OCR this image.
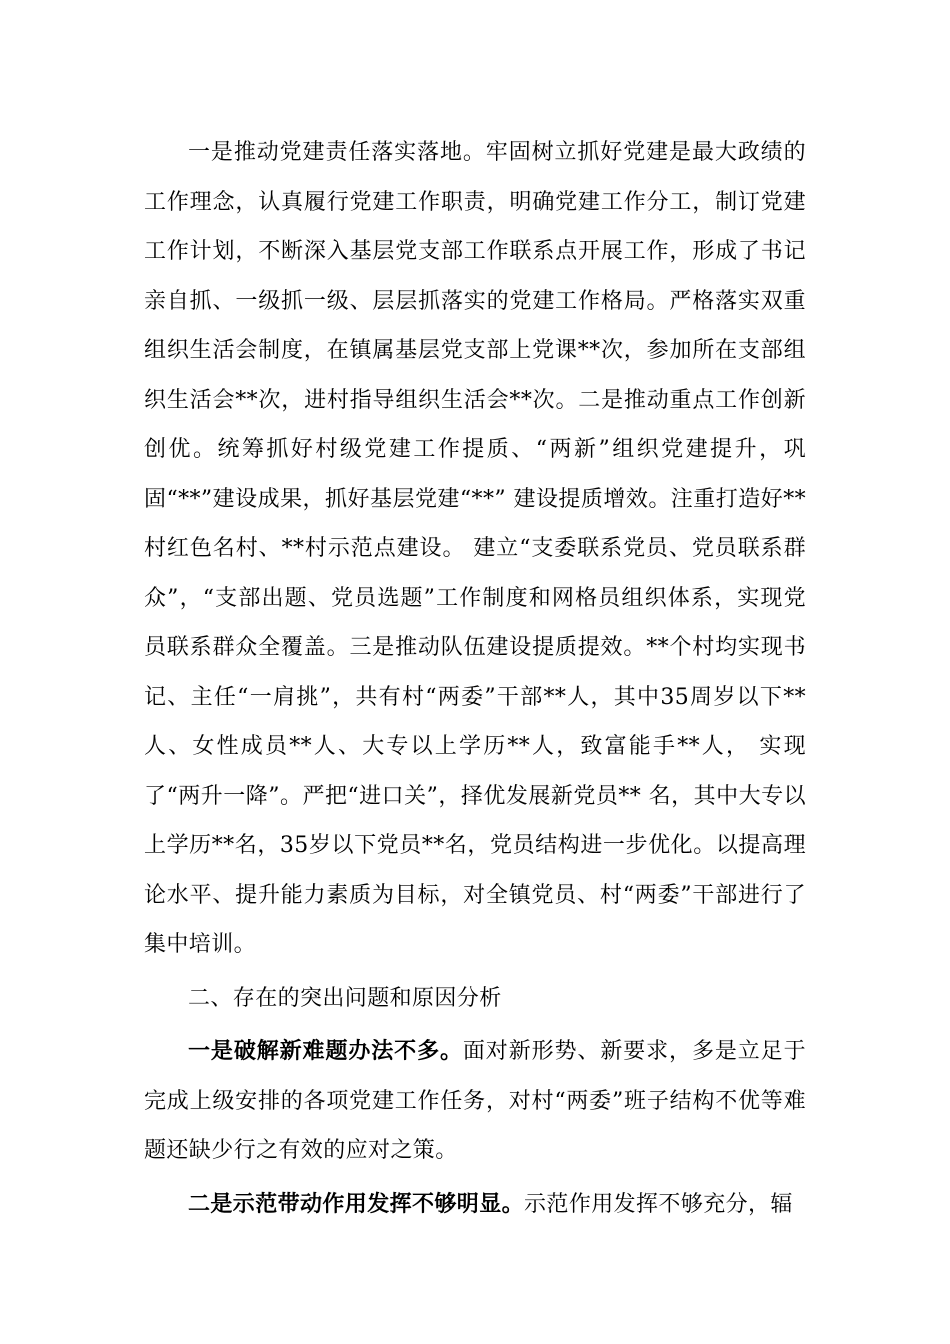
一是推动党建责任落实落地。牢固树立抓好党建是最大政绩的工作理念，认真履行党建工作职责，明确党建工作分工，制订党建工作计划，不断深入基层党支部工作联系点开展工作，形成了书记亲自抓、一级抓一级、层层抓落实的党建工作格局。严格落实双重组织生活会制度，在镇属基层党支部上党课**次，参加所在支部组织生活会**次，进村指导组织生活会**次。二是推动重点工作创新创优。统筹抓好村级党建工作提质、“两新”组织党建提升，巩固“**”建设成果，抓好基层党建“**” 建设提质增效。注重打造好**村红色名村、**村示范点建设。 建立“支委联系党员、党员联系群众”，“支部出题、党员选题”工作制度和网格员组织体系，实现党员联系群众全覆盖。三是推动队伍建设提质提效。**个村均实现书记、主任“一肩挑”，共有村“两委”干部**人，其中35周岁以下**人、女性成员**人、大专以上学历**人，致富能手**人， 实现了“两升一降”。严把“进口关”，择优发展新党员** 名，其中大专以上学历**名，35岁以下党员**名，党员结构进一步优化。以提高理论水平、提升能力素质为目标，对全镇党员、村“两委”干部进行了集中培训。

二、存在的突出问题和原因分析

一是破解新难题办法不多。面对新形势、新要求，多是立足于完成上级安排的各项党建工作任务，对村“两委”班子结构不优等难题还缺少行之有效的应对之策。

二是示范带动作用发挥不够明显。示范作用发挥不够充分，辐
